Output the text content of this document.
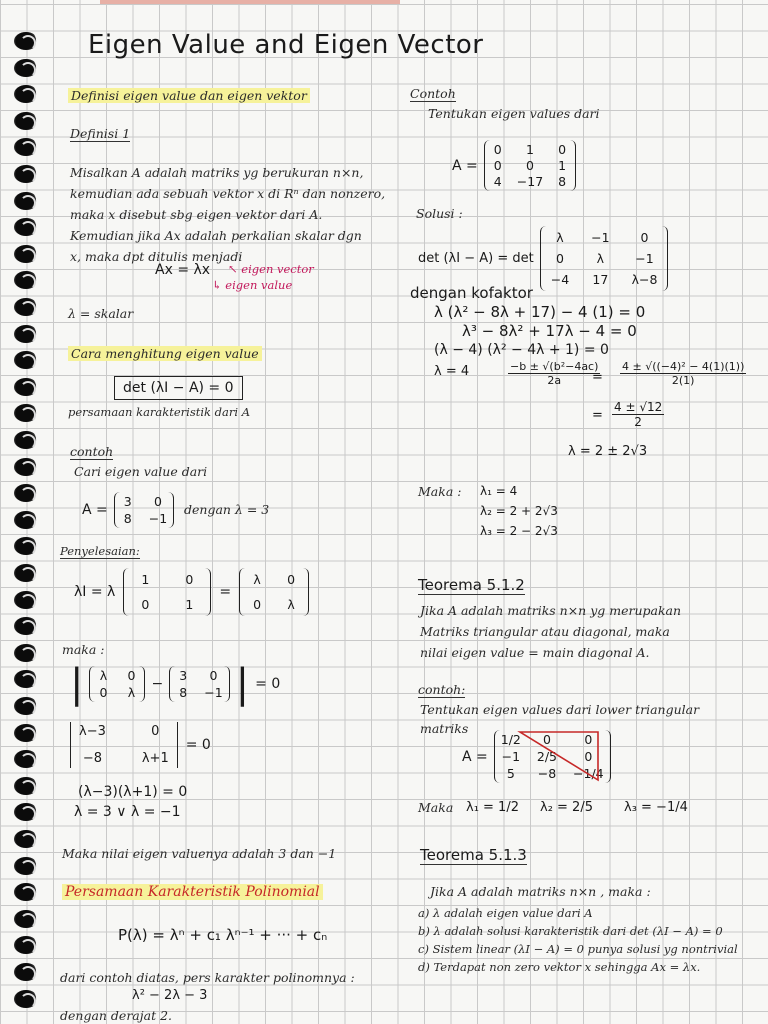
Eigen Value and Eigen Vector
Definisi eigen value dan eigen vektor
Definisi 1
Misalkan A adalah matriks yg berukuran n×n,
kemudian ada sebuah vektor x di Rⁿ dan nonzero,
maka x disebut sbg eigen vektor dari A.
Kemudian jika Ax adalah perkalian skalar dgn
x, maka dpt ditulis menjadi
Ax = λx ↖ eigen vector
↳ eigen value
λ = skalar
Cara menghitung eigen value
det (λI − A) = 0
persamaan karakteristik dari A
contoh
Cari eigen value dari
A =
3	0
8 −1
dengan λ = 3
Penyelesaian:
λI = λ
1	0
0	1
=
λ 0
0 λ
maka :
| λ 0
0 λ
−
3	0
8 −1 | = 0
λ−3	0
−8	λ+1
= 0
(λ−3)(λ+1) = 0
λ = 3 ∨ λ = −1
Maka nilai eigen valuenya adalah 3 dan −1
Persamaan Karakteristik Polinomial
P(λ) = λⁿ + c₁ λⁿ⁻¹ + ··· + cₙ
dari contoh diatas, pers karakter polinomnya :
λ² − 2λ − 3
dengan derajat 2.
Contoh
Tentukan eigen values dari
A =
0	1	0
0	0	1
4 −17 8
Solusi :
det (λI − A) = det
λ	−1	0
0	λ	−1
−4 17 λ−8
dengan kofaktor
λ (λ² − 8λ + 17) − 4 (1) = 0
λ³ − 8λ² + 17λ − 4 = 0
(λ − 4) (λ² − 4λ + 1) = 0
λ = 4	$\frac{\text{−b ± √(b²−4ac)}}{2a}$
= $\frac{\text{4 ± √((−4)² − 4(1)(1))}}{2(1)}$
= $\frac{4 \pm √12}{2}$
λ = 2 ± 2√3
Maka : λ₁ = 4
λ₂ = 2 + 2√3
λ₃ = 2 − 2√3
Teorema 5.1.2
Jika A adalah matriks n×n yg merupakan
Matriks triangular atau diagonal, maka
nilai eigen value = main diagonal A.
contoh:
Tentukan eigen values dari lower triangular
matriks
A =
1/2	0	0
−1 2/5	0
5	−8 −1/4
Maka λ₁ = 1/2 λ₂ = 2/5 λ₃ = −1/4
Teorema 5.1.3
Jika A adalah matriks n×n , maka :
a) λ adalah eigen value dari A
b) λ adalah solusi karakteristik dari det (λI − A) = 0
c) Sistem linear (λI − A) = 0 punya solusi yg nontrivial
d) Terdapat non zero vektor x sehingga Ax = λx.
